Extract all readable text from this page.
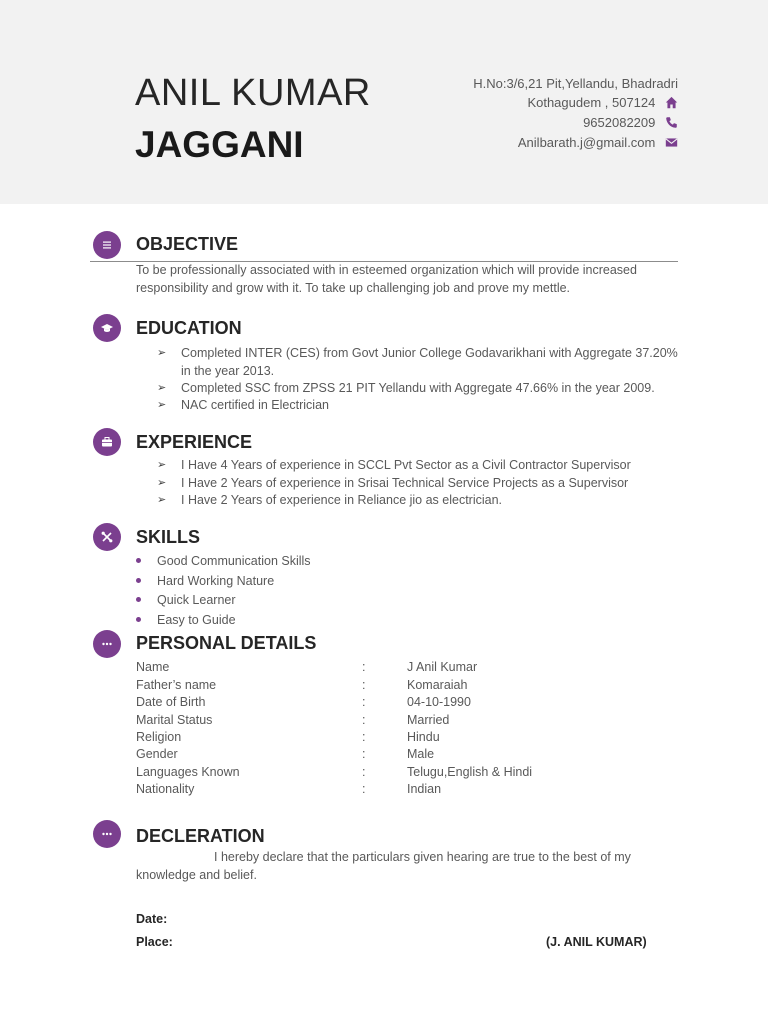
ANIL KUMAR
JAGGANI
H.No:3/6,21 Pit,Yellandu, Bhadradri
Kothagudem , 507124
9652082209
Anilbarath.j@gmail.com
OBJECTIVE
To be professionally associated with in esteemed organization which will provide increased responsibility and grow with it. To take up challenging job and prove my mettle.
EDUCATION
➢ Completed INTER (CES) from Govt Junior College Godavarikhani with Aggregate 37.20% in the year 2013.
➢ Completed SSC from ZPSS 21 PIT Yellandu with Aggregate 47.66% in the year 2009.
➢ NAC certified in Electrician
EXPERIENCE
➢ I Have 4 Years of experience in SCCL Pvt Sector as a Civil Contractor Supervisor
➢ I Have 2 Years of experience in Srisai Technical Service Projects as a Supervisor
➢ I Have 2 Years of experience in Reliance jio as electrician.
SKILLS
Good Communication Skills
Hard Working Nature
Quick Learner
Easy to Guide
PERSONAL DETAILS
Name	:	J Anil Kumar
Father’s name	:	Komaraiah
Date of Birth	:	04-10-1990
Marital Status	:	Married
Religion	:	Hindu
Gender	:	Male
Languages Known	:	Telugu,English & Hindi
Nationality	:	Indian
DECLERATION
I hereby declare that the particulars given hearing are true to the best of my
knowledge and belief.
Date:
Place:	(J. ANIL KUMAR)
